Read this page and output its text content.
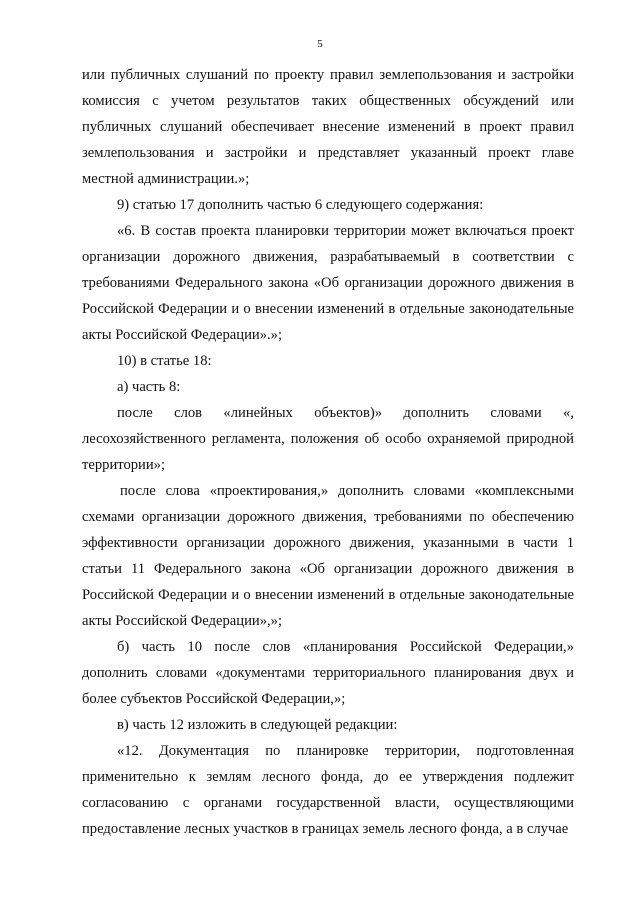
5

или публичных слушаний по проекту правил землепользования и застройки комиссия с учетом результатов таких общественных обсуждений или публичных слушаний обеспечивает внесение изменений в проект правил землепользования и застройки и представляет указанный проект главе местной администрации.»;

9) статью 17 дополнить частью 6 следующего содержания:

«6. В состав проекта планировки территории может включаться проект организации дорожного движения, разрабатываемый в соответствии с требованиями Федерального закона «Об организации дорожного движения в Российской Федерации и о внесении изменений в отдельные законодательные акты Российской Федерации».»;

10) в статье 18:

а) часть 8:

после слов «линейных объектов)» дополнить словами «, лесохозяйственного регламента, положения об особо охраняемой природной территории»;

после слова «проектирования,» дополнить словами «комплексными схемами организации дорожного движения, требованиями по обеспечению эффективности организации дорожного движения, указанными в части 1 статьи 11 Федерального закона «Об организации дорожного движения в Российской Федерации и о внесении изменений в отдельные законодательные акты Российской Федерации»,»;

б) часть 10 после слов «планирования Российской Федерации,» дополнить словами «документами территориального планирования двух и более субъектов Российской Федерации,»;

в) часть 12 изложить в следующей редакции:

«12. Документация по планировке территории, подготовленная применительно к землям лесного фонда, до ее утверждения подлежит согласованию с органами государственной власти, осуществляющими предоставление лесных участков в границах земель лесного фонда, а в случае
